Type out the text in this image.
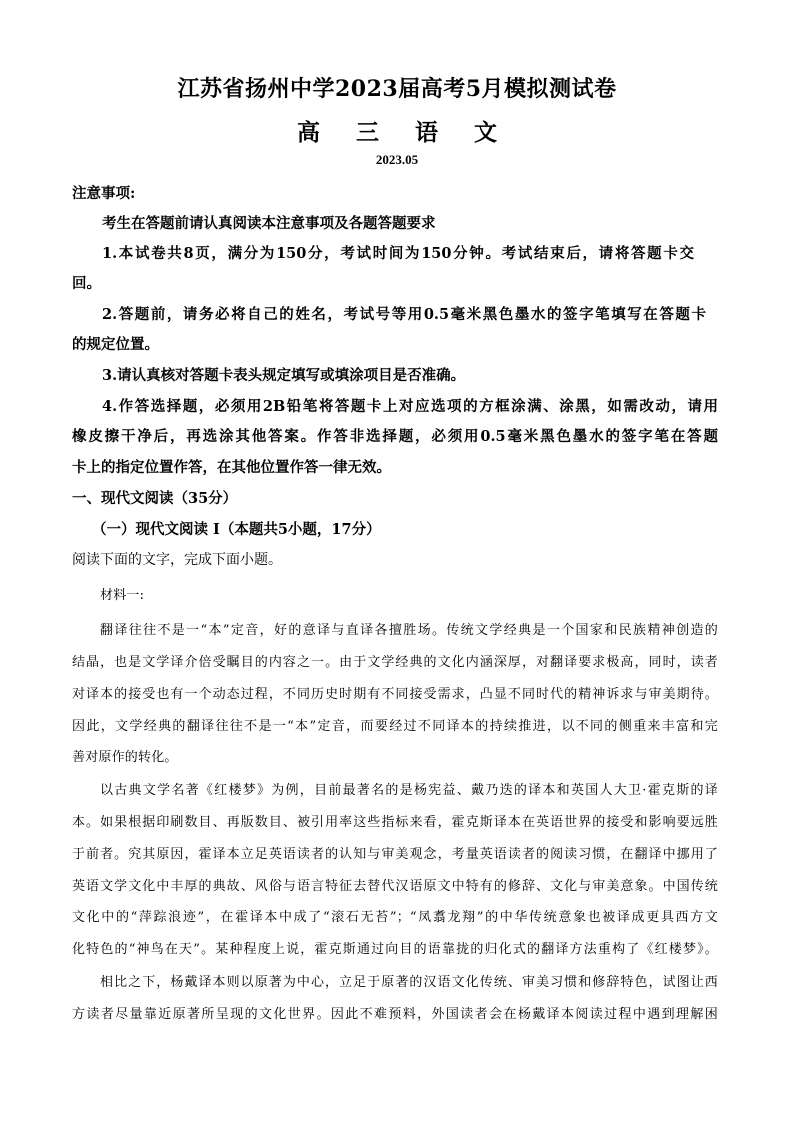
江苏省扬州中学2023届高考5月模拟测试卷
高 三 语 文
2023.05
注意事项:
考生在答题前请认真阅读本注意事项及各题答题要求
1.本试卷共8页，满分为150分，考试时间为150分钟。考试结束后，请将答题卡交
回。
2.答题前，请务必将自己的姓名，考试号等用0.5毫米黑色墨水的签字笔填写在答题卡
的规定位置。
3.请认真核对答题卡表头规定填写或填涂项目是否准确。
4.作答选择题，必须用2B铅笔将答题卡上对应选项的方框涂满、涂黑，如需改动，请用
橡皮擦干净后，再选涂其他答案。作答非选择题，必须用0.5毫米黑色墨水的签字笔在答题
卡上的指定位置作答，在其他位置作答一律无效。
一、现代文阅读（35分）
（一）现代文阅读 I（本题共5小题，17分）
阅读下面的文字，完成下面小题。
材料一:
翻译往往不是一“本”定音，好的意译与直译各擅胜场。传统文学经典是一个国家和民族精神创造的
结晶，也是文学译介倍受瞩目的内容之一。由于文学经典的文化内涵深厚，对翻译要求极高，同时，读者
对译本的接受也有一个动态过程，不同历史时期有不同接受需求，凸显不同时代的精神诉求与审美期待。
因此，文学经典的翻译往往不是一“本”定音，而要经过不同译本的持续推进，以不同的侧重来丰富和完
善对原作的转化。
以古典文学名著《红楼梦》为例，目前最著名的是杨宪益、戴乃迭的译本和英国人大卫·霍克斯的译
本。如果根据印刷数目、再版数目、被引用率这些指标来看，霍克斯译本在英语世界的接受和影响要远胜
于前者。究其原因，霍译本立足英语读者的认知与审美观念，考量英语读者的阅读习惯，在翻译中挪用了
英语文学文化中丰厚的典故、风俗与语言特征去替代汉语原文中特有的修辞、文化与审美意象。中国传统
文化中的“萍踪浪迹”，在霍译本中成了“滚石无苔”；“凤翥龙翔”的中华传统意象也被译成更具西方文
化特色的“神鸟在天”。某种程度上说，霍克斯通过向目的语靠拢的归化式的翻译方法重构了《红楼梦》。
相比之下，杨戴译本则以原著为中心，立足于原著的汉语文化传统、审美习惯和修辞特色，试图让西
方读者尽量靠近原著所呈现的文化世界。因此不难预料，外国读者会在杨戴译本阅读过程中遇到理解困
